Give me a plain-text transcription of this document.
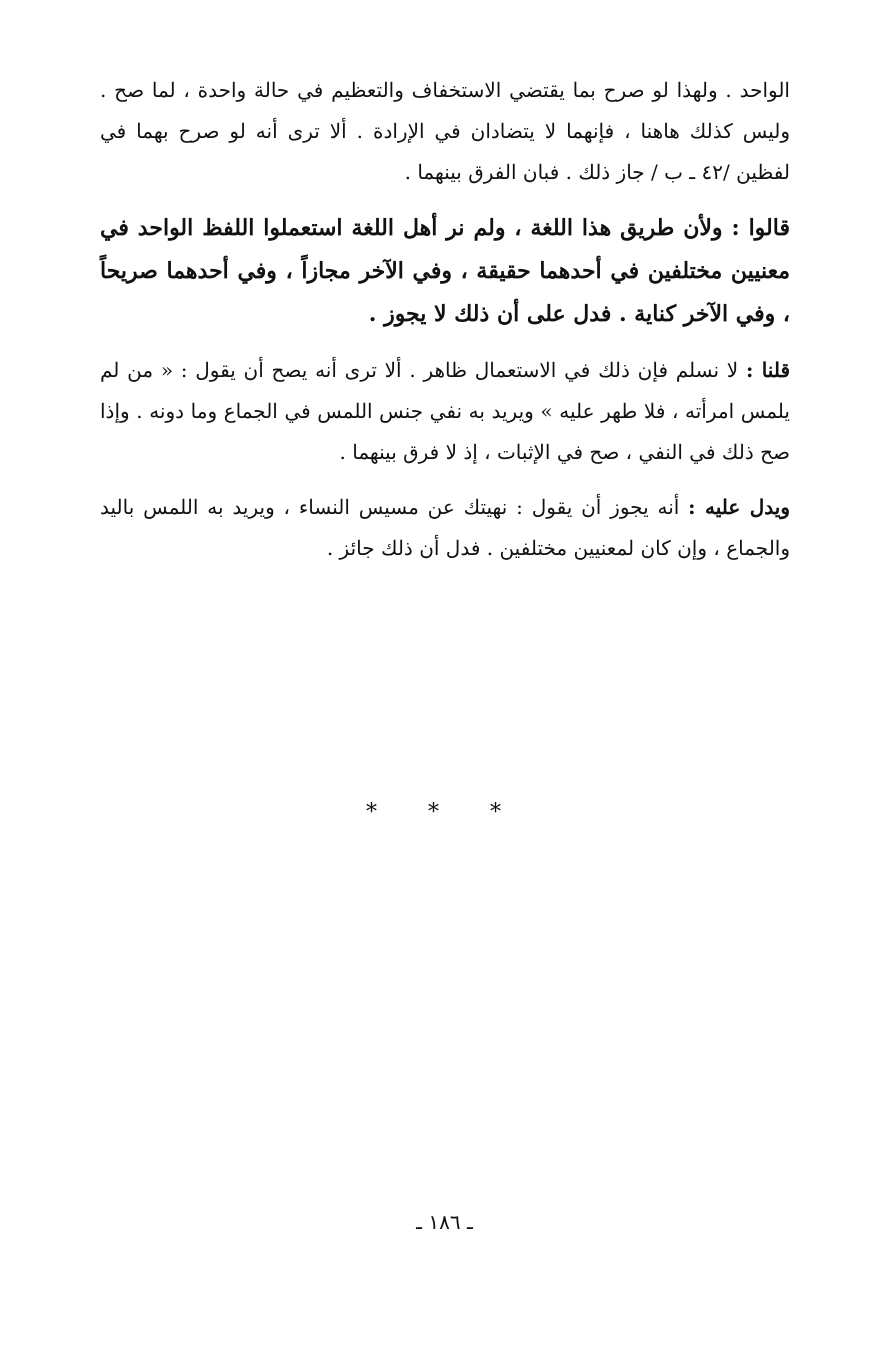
الواحد . ولهذا لو صرح بما يقتضي الاستخفاف والتعظيم في حالة واحدة ، لما صح . وليس كذلك هاهنا ، فإنهما لا يتضادان في الإرادة . ألا ترى أنه لو صرح بهما في لفظين /٤٢ ـ ب / جاز ذلك . فبان الفرق بينهما .

قالوا : ولأن طريق هذا اللغة ، ولم نر أهل اللغة استعملوا اللفظ الواحد في معنيين مختلفين في أحدهما حقيقة ، وفي الآخر مجازاً ، وفي أحدهما صريحاً ، وفي الآخر كناية . فدل على أن ذلك لا يجوز .

قلنا : لا نسلم فإن ذلك في الاستعمال ظاهر . ألا ترى أنه يصح أن يقول : « من لم يلمس امرأته ، فلا طهر عليه » ويريد به نفي جنس اللمس في الجماع وما دونه . وإذا صح ذلك في النفي ، صح في الإثبات ، إذ لا فرق بينهما .

ويدل عليه : أنه يجوز أن يقول : نهيتك عن مسيس النساء ، ويريد به اللمس باليد والجماع ، وإن كان لمعنيين مختلفين . فدل أن ذلك جائز .

* * *
ـ ١٨٦ ـ
